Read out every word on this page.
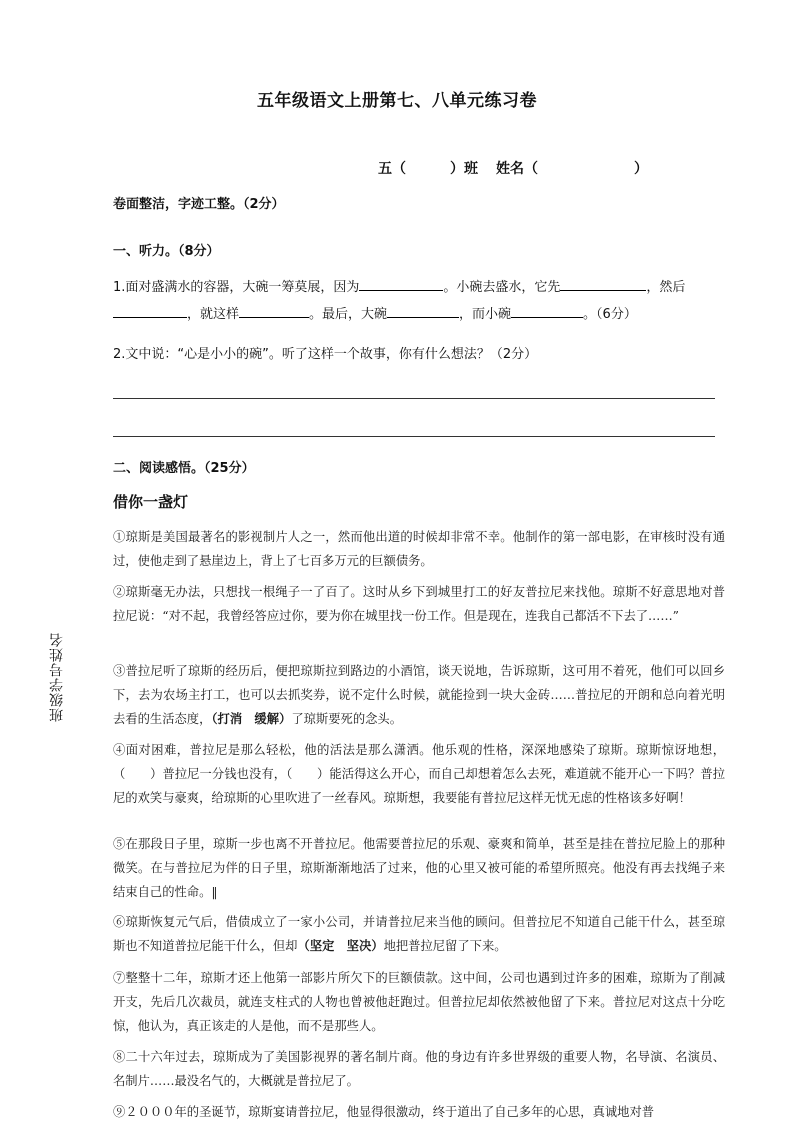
五年级语文上册第七、八单元练习卷
五（	）班 姓名（	）
卷面整洁，字迹工整。（2分）
一、听力。（8分）
1.面对盛满水的容器，大碗一筹莫展，因为	。小碗去盛水，它先	，然后，就这样	。最后，大碗	，而小碗	。（6分）
2.文中说：“心是小小的碗”。听了这样一个故事，你有什么想法？（2分）
二、阅读感悟。（25分）
借你一盏灯
①琼斯是美国最著名的影视制片人之一，然而他出道的时候却非常不幸。他制作的第一部电影，在审核时没有通过，使他走到了悬崖边上，背上了七百多万元的巨额债务。
②琼斯毫无办法，只想找一根绳子一了百了。这时从乡下到城里打工的好友普拉尼来找他。琼斯不好意思地对普拉尼说：“对不起，我曾经答应过你，要为你在城里找一份工作。但是现在，连我自己都活不下去了……”
③普拉尼听了琼斯的经历后，便把琼斯拉到路边的小酒馆，谈天说地，告诉琼斯，这可用不着死，他们可以回乡下，去为农场主打工，也可以去抓奖券，说不定什么时候，就能捡到一块大金砖……普拉尼的开朗和总向着光明去看的生活态度，（打消　缓解）了琼斯要死的念头。
④面对困难，普拉尼是那么轻松，他的活法是那么潇洒。他乐观的性格，深深地感染了琼斯。琼斯惊讶地想，（　　）普拉尼一分钱也没有，（　　）能活得这么开心，而自己却想着怎么去死，难道就不能开心一下吗？普拉尼的欢笑与豪爽，给琼斯的心里吹进了一丝春风。琼斯想，我要能有普拉尼这样无忧无虑的性格该多好啊！
⑤在那段日子里，琼斯一步也离不开普拉尼。他需要普拉尼的乐观、豪爽和简单，甚至是挂在普拉尼脸上的那种微笑。在与普拉尼为伴的日子里，琼斯渐渐地活了过来，他的心里又被可能的希望所照亮。他没有再去找绳子来结束自己的性命。‖
⑥琼斯恢复元气后，借债成立了一家小公司，并请普拉尼来当他的顾问。但普拉尼不知道自己能干什么，甚至琼斯也不知道普拉尼能干什么，但却（坚定　坚决）地把普拉尼留了下来。
⑦整整十二年，琼斯才还上他第一部影片所欠下的巨额债款。这中间，公司也遇到过许多的困难，琼斯为了削减开支，先后几次裁员，就连支柱式的人物也曾被他赶跑过。但普拉尼却依然被他留了下来。普拉尼对这点十分吃惊，他认为，真正该走的人是他，而不是那些人。
⑧二十六年过去，琼斯成为了美国影视界的著名制片商。他的身边有许多世界级的重要人物，名导演、名演员、名制片……最没名气的，大概就是普拉尼了。
⑨２０００年的圣诞节，琼斯宴请普拉尼，他显得很激动，终于道出了自己多年的心思，真诚地对普
班级学号姓名
